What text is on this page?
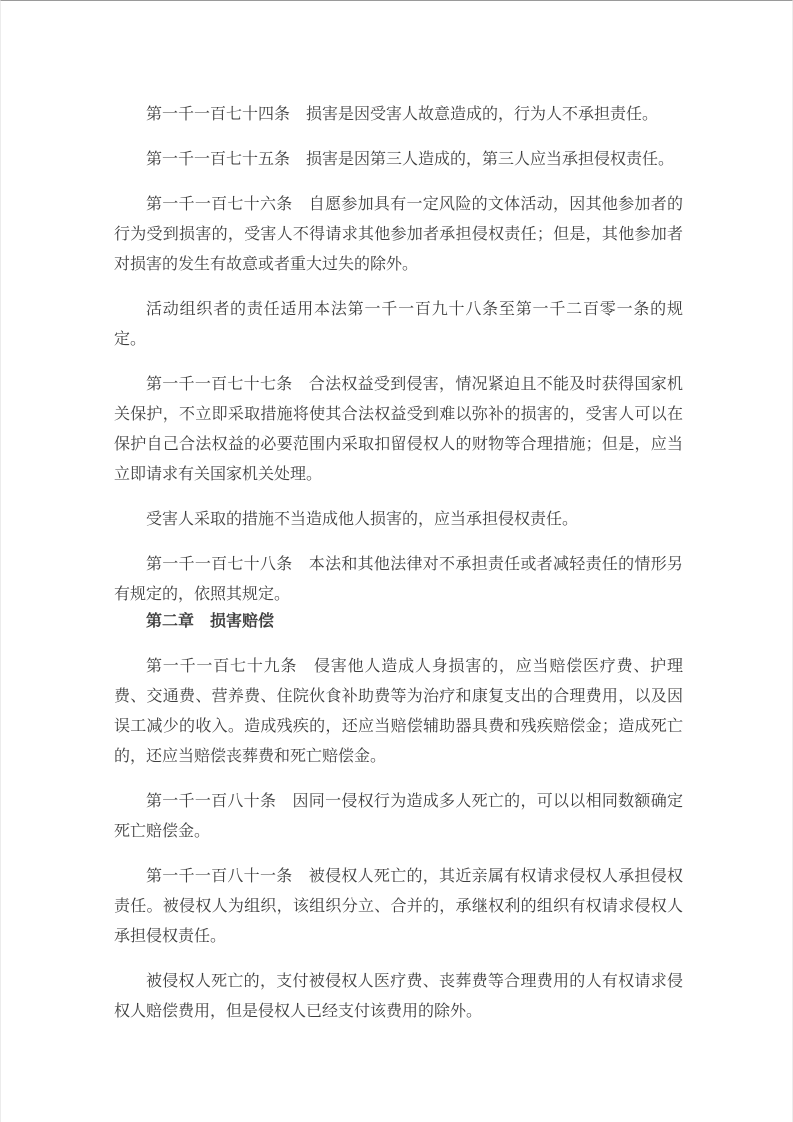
第一千一百七十四条　损害是因受害人故意造成的，行为人不承担责任。

第一千一百七十五条　损害是因第三人造成的，第三人应当承担侵权责任。

第一千一百七十六条　自愿参加具有一定风险的文体活动，因其他参加者的行为受到损害的，受害人不得请求其他参加者承担侵权责任；但是，其他参加者对损害的发生有故意或者重大过失的除外。

活动组织者的责任适用本法第一千一百九十八条至第一千二百零一条的规定。

第一千一百七十七条　合法权益受到侵害，情况紧迫且不能及时获得国家机关保护，不立即采取措施将使其合法权益受到难以弥补的损害的，受害人可以在保护自己合法权益的必要范围内采取扣留侵权人的财物等合理措施；但是，应当立即请求有关国家机关处理。

受害人采取的措施不当造成他人损害的，应当承担侵权责任。

第一千一百七十八条　本法和其他法律对不承担责任或者减轻责任的情形另有规定的，依照其规定。

第二章　损害赔偿

第一千一百七十九条　侵害他人造成人身损害的，应当赔偿医疗费、护理费、交通费、营养费、住院伙食补助费等为治疗和康复支出的合理费用，以及因误工减少的收入。造成残疾的，还应当赔偿辅助器具费和残疾赔偿金；造成死亡的，还应当赔偿丧葬费和死亡赔偿金。

第一千一百八十条　因同一侵权行为造成多人死亡的，可以以相同数额确定死亡赔偿金。

第一千一百八十一条　被侵权人死亡的，其近亲属有权请求侵权人承担侵权责任。被侵权人为组织，该组织分立、合并的，承继权利的组织有权请求侵权人承担侵权责任。

被侵权人死亡的，支付被侵权人医疗费、丧葬费等合理费用的人有权请求侵权人赔偿费用，但是侵权人已经支付该费用的除外。
